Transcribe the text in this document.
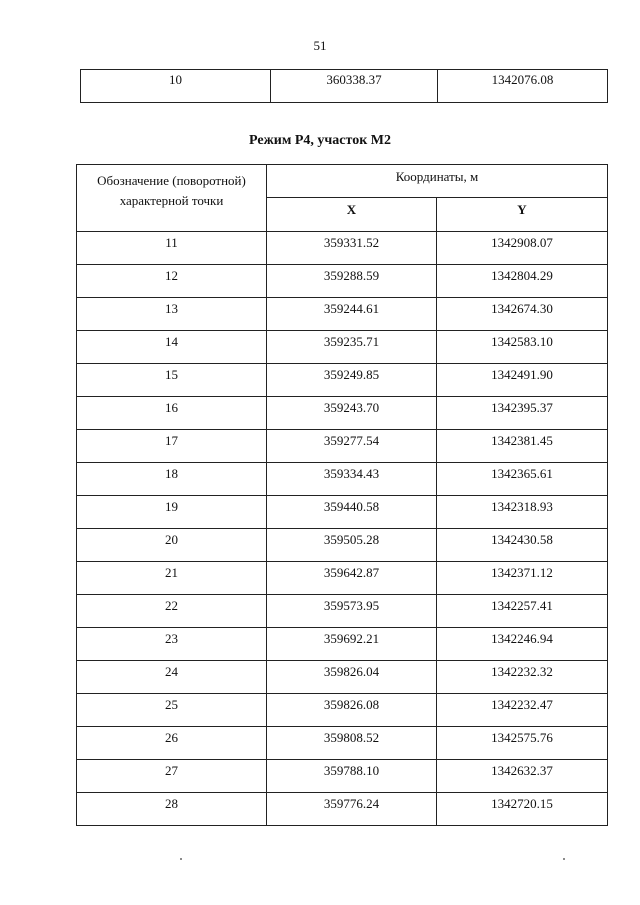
51
10	360338.37	1342076.08
Режим Р4, участок М2
Обозначение (поворотной) характерной точки	Координаты, м	
	X	Y
11	359331.52	1342908.07
12	359288.59	1342804.29
13	359244.61	1342674.30
14	359235.71	1342583.10
15	359249.85	1342491.90
16	359243.70	1342395.37
17	359277.54	1342381.45
18	359334.43	1342365.61
19	359440.58	1342318.93
20	359505.28	1342430.58
21	359642.87	1342371.12
22	359573.95	1342257.41
23	359692.21	1342246.94
24	359826.04	1342232.32
25	359826.08	1342232.47
26	359808.52	1342575.76
27	359788.10	1342632.37
28	359776.24	1342720.15
